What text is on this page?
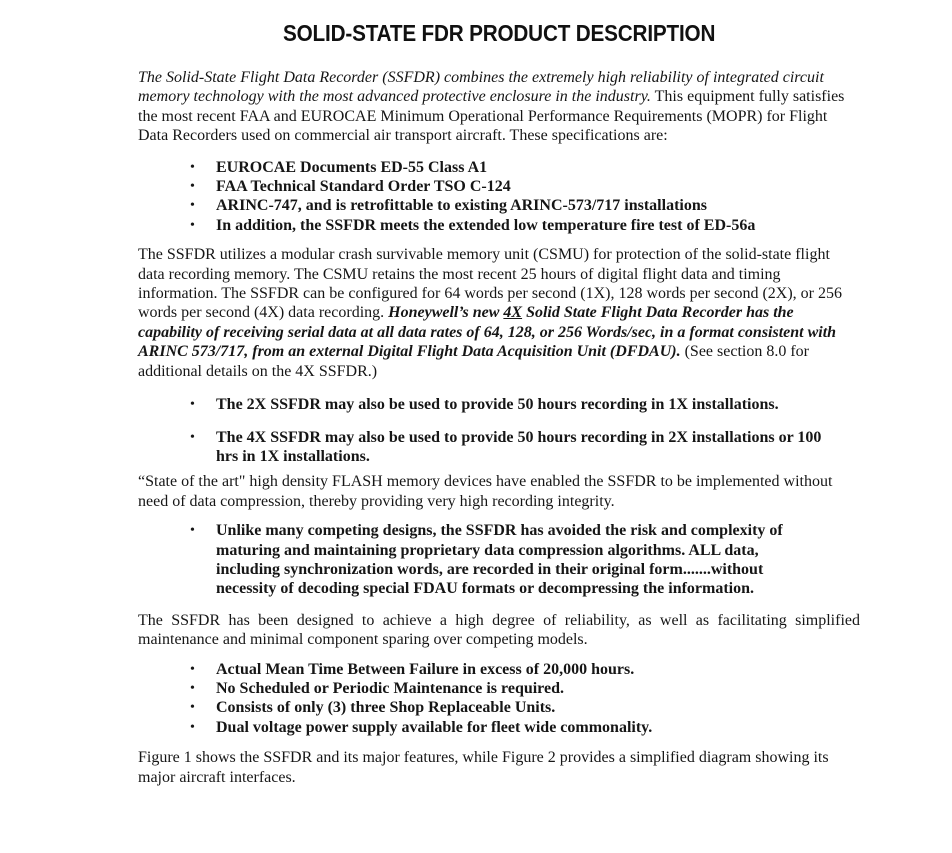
SOLID-STATE FDR PRODUCT DESCRIPTION

The Solid-State Flight Data Recorder (SSFDR) combines the extremely high reliability of integrated circuit memory technology with the most advanced protective enclosure in the industry. This equipment fully satisfies the most recent FAA and EUROCAE Minimum Operational Performance Requirements (MOPR) for Flight Data Recorders used on commercial air transport aircraft. These specifications are:

•	EUROCAE Documents ED-55 Class A1
•	FAA Technical Standard Order TSO C-124
•	ARINC-747, and is retrofittable to existing ARINC-573/717 installations
•	In addition, the SSFDR meets the extended low temperature fire test of ED-56a

The SSFDR utilizes a modular crash survivable memory unit (CSMU) for protection of the solid-state flight data recording memory. The CSMU retains the most recent 25 hours of digital flight data and timing information. The SSFDR can be configured for 64 words per second (1X), 128 words per second (2X), or 256 words per second (4X) data recording. Honeywell’s new 4X Solid State Flight Data Recorder has the capability of receiving serial data at all data rates of 64, 128, or 256 Words/sec, in a format consistent with ARINC 573/717, from an external Digital Flight Data Acquisition Unit (DFDAU). (See section 8.0 for additional details on the 4X SSFDR.)

•	The 2X SSFDR may also be used to provide 50 hours recording in 1X installations.
•	The 4X SSFDR may also be used to provide 50 hours recording in 2X installations or 100 hrs in 1X installations.

“State of the art" high density FLASH memory devices have enabled the SSFDR to be implemented without need of data compression, thereby providing very high recording integrity.

•	Unlike many competing designs, the SSFDR has avoided the risk and complexity of maturing and maintaining proprietary data compression algorithms. ALL data, including synchronization words, are recorded in their original form.......without necessity of decoding special FDAU formats or decompressing the information.

The SSFDR has been designed to achieve a high degree of reliability, as well as facilitating simplified maintenance and minimal component sparing over competing models.

•	Actual Mean Time Between Failure in excess of 20,000 hours.
•	No Scheduled or Periodic Maintenance is required.
•	Consists of only (3) three Shop Replaceable Units.
•	Dual voltage power supply available for fleet wide commonality.

Figure 1 shows the SSFDR and its major features, while Figure 2 provides a simplified diagram showing its major aircraft interfaces.
